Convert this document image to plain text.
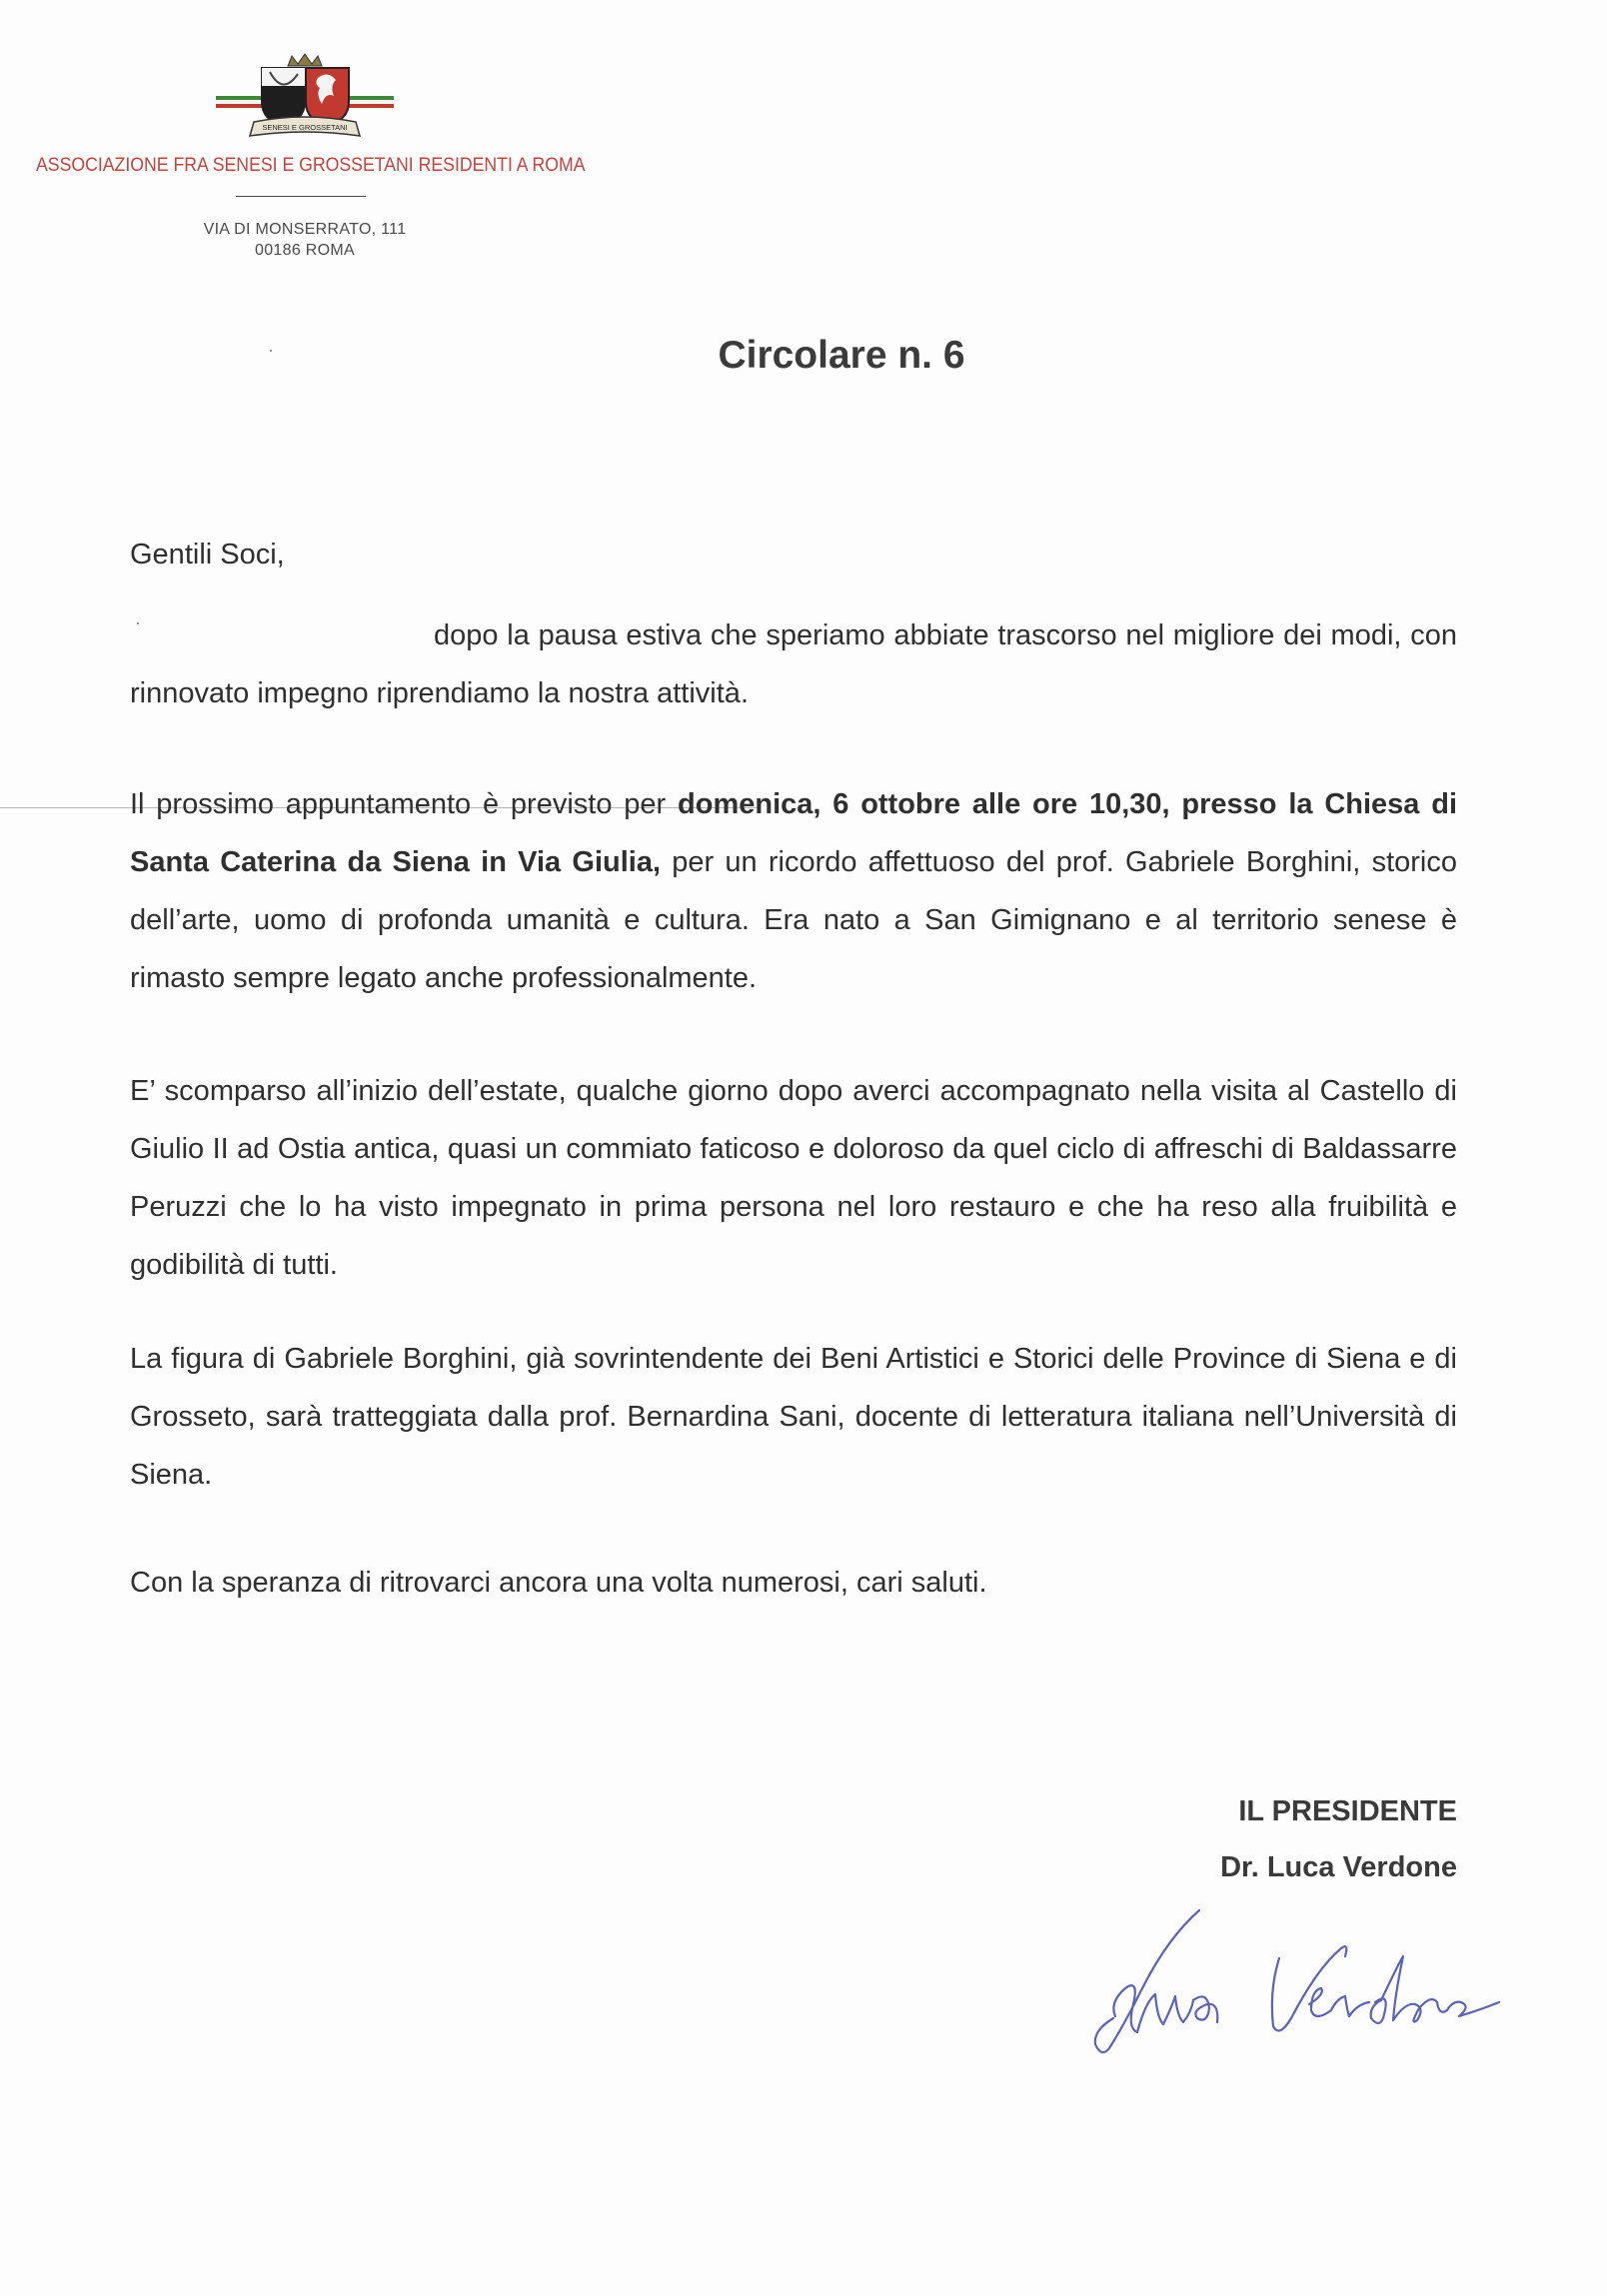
SENESI E GROSSETANI
ASSOCIAZIONE FRA SENESI E GROSSETANI RESIDENTI A ROMA
VIA DI MONSERRATO, 111
00186 ROMA
Circolare n. 6
Gentili Soci,
dopo la pausa estiva che speriamo abbiate trascorso nel migliore dei modi, con rinnovato impegno riprendiamo la nostra attività.
Il prossimo appuntamento è previsto per domenica, 6 ottobre alle ore 10,30, presso la Chiesa di Santa Caterina da Siena in Via Giulia, per un ricordo affettuoso del prof. Gabriele Borghini, storico dell’arte, uomo di profonda umanità e cultura. Era nato a San Gimignano e al territorio senese è rimasto sempre legato anche professionalmente.
E’ scomparso all’inizio dell’estate, qualche giorno dopo averci accompagnato nella visita al Castello di Giulio II ad Ostia antica, quasi un commiato faticoso e doloroso da quel ciclo di affreschi di Baldassarre Peruzzi che lo ha visto impegnato in prima persona nel loro restauro e che ha reso alla fruibilità e godibilità di tutti.
La figura di Gabriele Borghini, già sovrintendente dei Beni Artistici e Storici delle Province di Siena e di Grosseto, sarà tratteggiata dalla prof. Bernardina Sani, docente di letteratura italiana nell’Università di Siena.
Con la speranza di ritrovarci ancora una volta numerosi, cari saluti.
IL PRESIDENTE
Dr. Luca Verdone
